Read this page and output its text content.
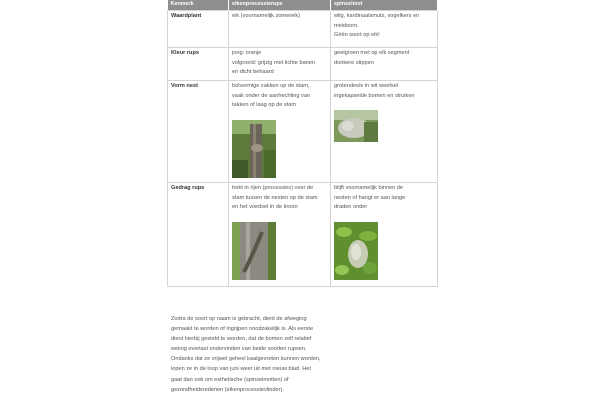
Kenmerk	eikenprocessierups	spinselmot
Waardplant	eik (voornamelijk zomereik)	wilg, kardinaalsmuts, vogelkers en
meidoorn.
Géén soort op eik!

Kleur rups	jong: oranje
volgroeid: grijzig met lichte banen
en dicht behaard	geelgroen met op elk segment
donkere stippen

Vorm nest	bolvormige zakken op de stam,
vaak onder de aanhechting van
takken of laag op de stam	grotendeels in wit weefsel
ingekapselde bomen en struiken

Gedrag rups	trekt in rijen (processies) over de
stam tussen de nesten op de stam
en het voedsel in de kroon	blijft voornamelijk binnen de
nesten of hangt er aan lange
draden onder
Zodra de soort op naam is gebracht, dient de afweging
gemaakt te worden of ingrijpen noodzakelijk is. Als eerste
dient hierbij gesteld te worden, dat de bomen zelf relatief
weinig overlast ondervinden van beide soorten rupsen.
Ondanks dat ze vrijwel geheel kaalgevreten kunnen worden,
lopen ze in de loop van juni weer uit met nieuw blad. Het
gaat dan ook om esthetische (spinselmotten) of
gezondheidsredenen (eikenprocessievlinder).
